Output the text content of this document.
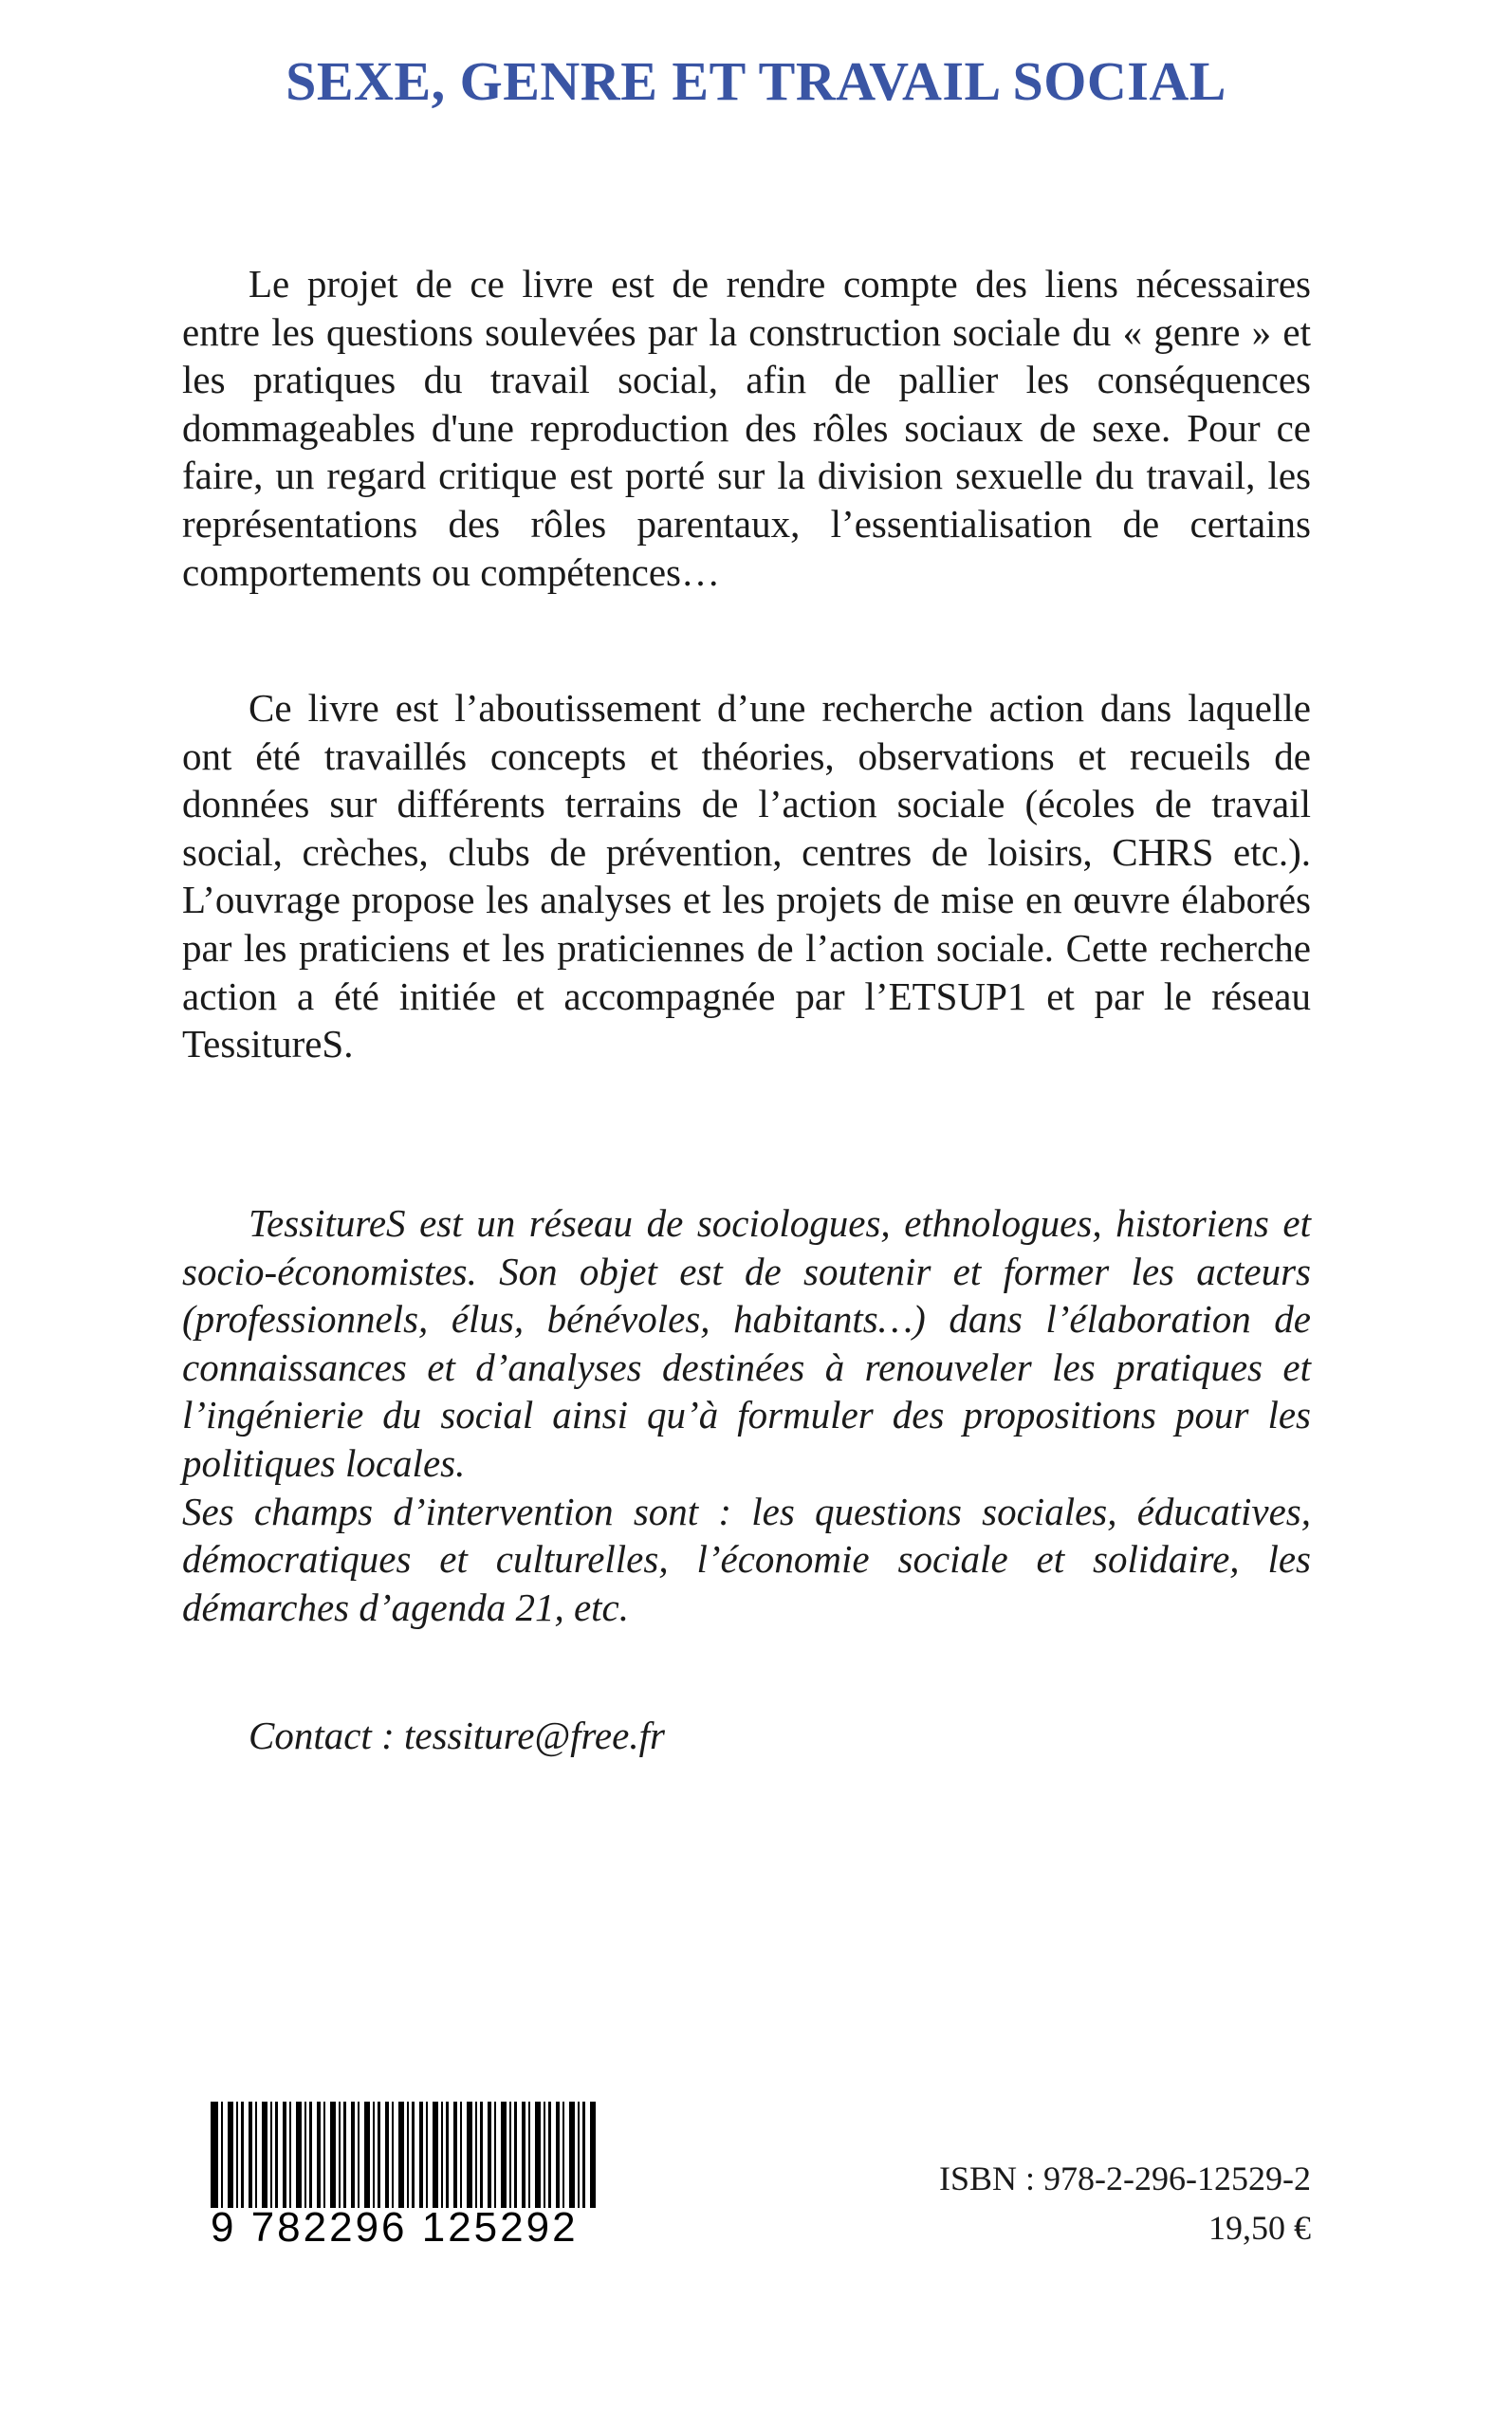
SEXE, GENRE ET TRAVAIL SOCIAL

Le projet de ce livre est de rendre compte des liens nécessaires entre les questions soulevées par la construction sociale du « genre » et les pratiques du travail social, afin de pallier les conséquences dommageables d'une reproduction des rôles sociaux de sexe. Pour ce faire, un regard critique est porté sur la division sexuelle du travail, les représentations des rôles parentaux, l’essentialisation de certains comportements ou compétences…

Ce livre est l’aboutissement d’une recherche action dans laquelle ont été travaillés concepts et théories, observations et recueils de données sur différents terrains de l’action sociale (écoles de travail social, crèches, clubs de prévention, centres de loisirs, CHRS etc.). L’ouvrage propose les analyses et les projets de mise en œuvre élaborés par les praticiens et les praticiennes de l’action sociale. Cette recherche action a été initiée et accompagnée par l’ETSUP1 et par le réseau TessitureS.

TessitureS est un réseau de sociologues, ethnologues, historiens et socio-économistes. Son objet est de soutenir et former les acteurs (professionnels, élus, bénévoles, habitants…) dans l’élaboration de connaissances et d’analyses destinées à renouveler les pratiques et l’ingénierie du social ainsi qu’à formuler des propositions pour les politiques locales.

Ses champs d’intervention sont : les questions sociales, éducatives, démocratiques et culturelles, l’économie sociale et solidaire, les démarches d’agenda 21, etc.

Contact : tessiture@free.fr

9 782296 125292

ISBN : 978-2-296-12529-2

19,50 €
